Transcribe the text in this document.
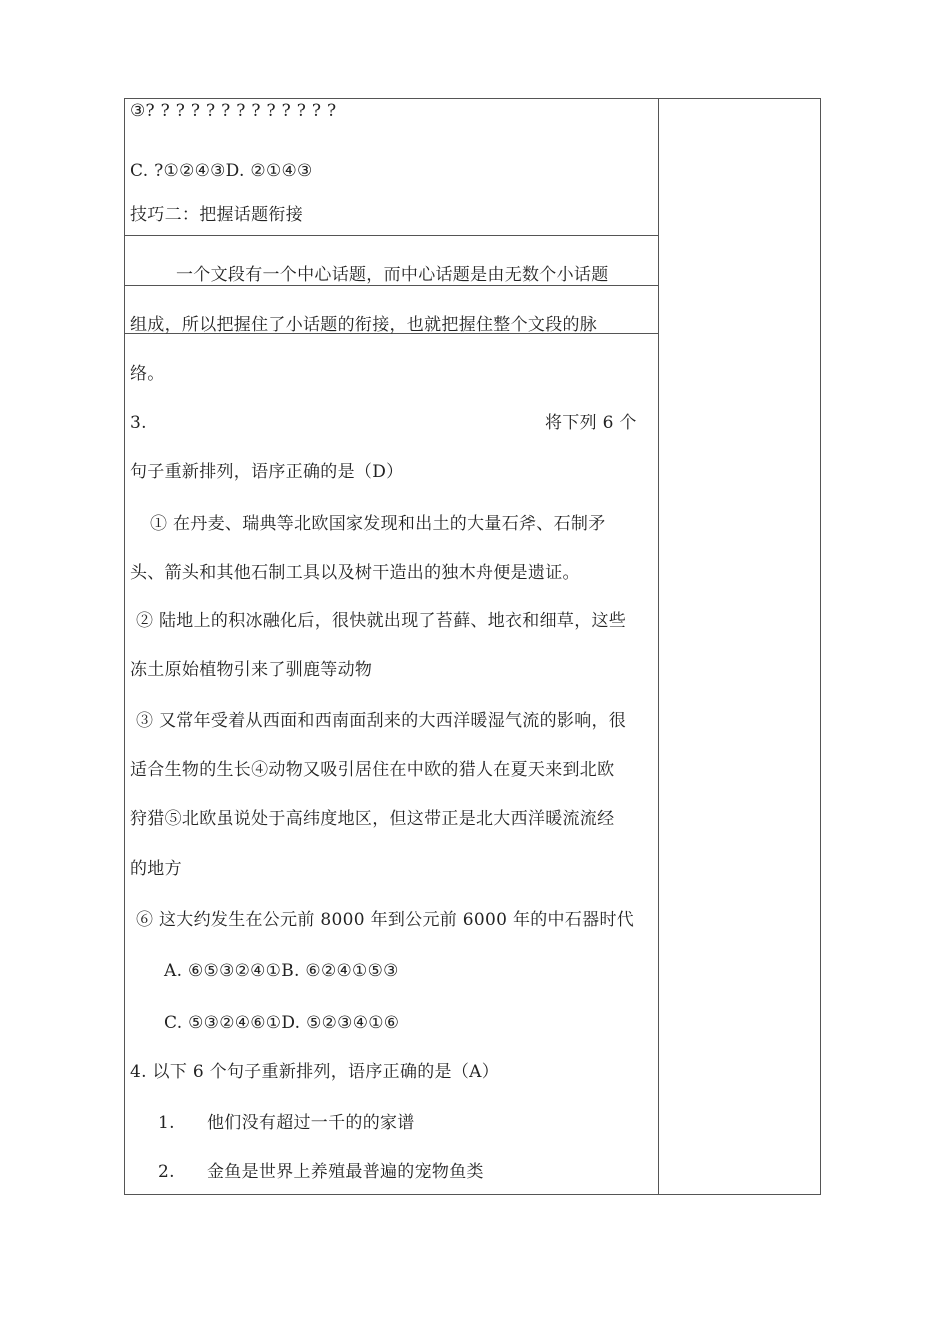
③? ? ? ? ? ? ? ? ? ? ? ? ?
C. ?①②④③D. ②①④③
技巧二：把握话题衔接
一个文段有一个中心话题，而中心话题是由无数个小话题
组成，所以把握住了小话题的衔接，也就把握住整个文段的脉
络。
3.	将下列 6 个
句子重新排列，语序正确的是（D）
① 在丹麦、瑞典等北欧国家发现和出土的大量石斧、石制矛
头、箭头和其他石制工具以及树干造出的独木舟便是遗证。
② 陆地上的积冰融化后，很快就出现了苔藓、地衣和细草，这些
冻土原始植物引来了驯鹿等动物
③ 又常年受着从西面和西南面刮来的大西洋暖湿气流的影响，很
适合生物的生长④动物又吸引居住在中欧的猎人在夏天来到北欧
狩猎⑤北欧虽说处于高纬度地区，但这带正是北大西洋暖流流经
的地方
⑥ 这大约发生在公元前 8000 年到公元前 6000 年的中石器时代
A. ⑥⑤③②④①B. ⑥②④①⑤③
C. ⑤③②④⑥①D. ⑤②③④①⑥
4. 以下 6 个句子重新排列，语序正确的是（A）
1. 他们没有超过一千的的家谱
2. 金鱼是世界上养殖最普遍的宠物鱼类
